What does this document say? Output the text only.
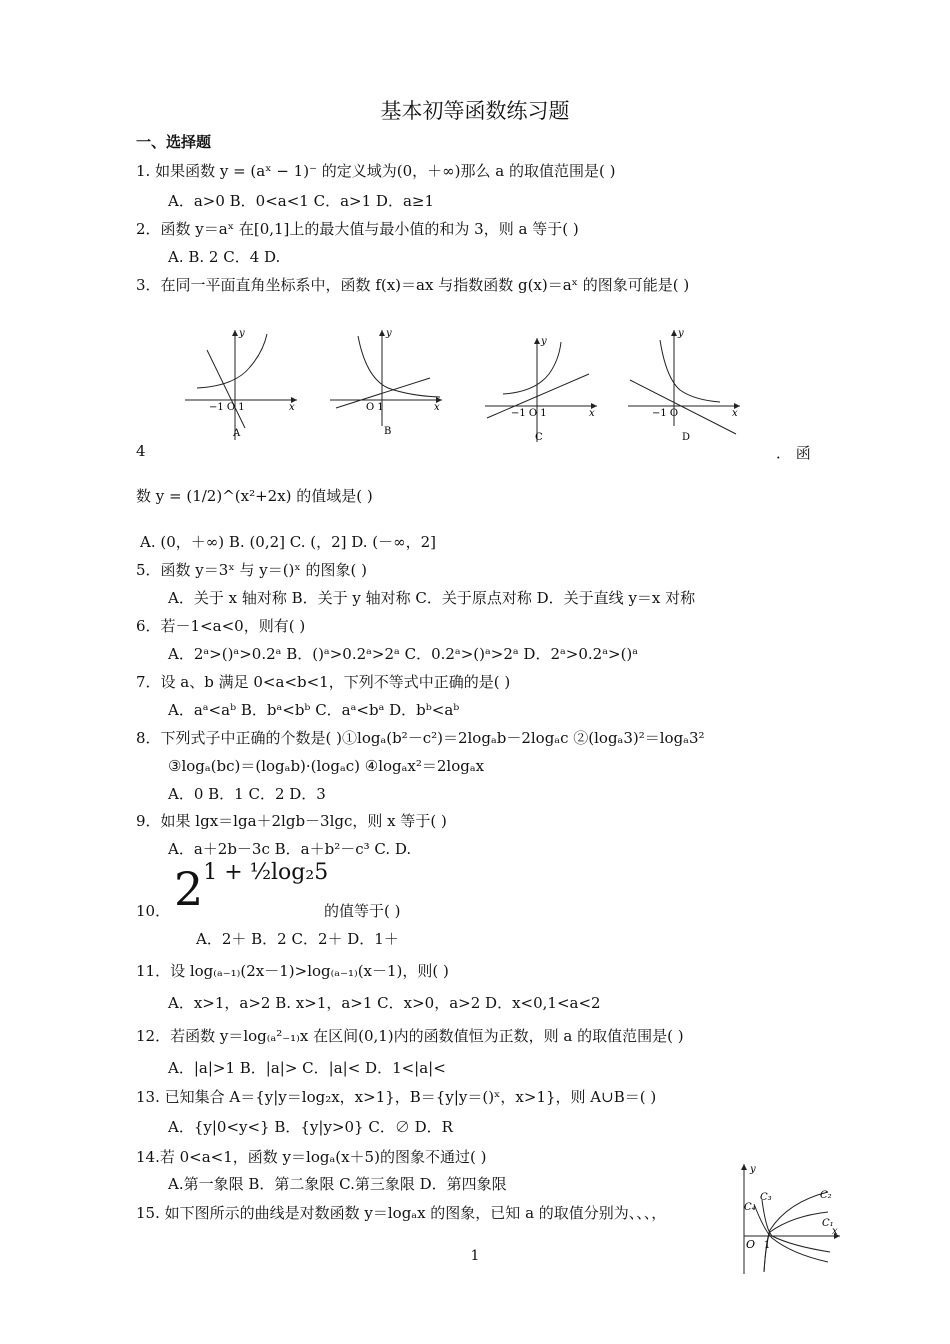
基本初等函数练习题
一、选择题
1. 如果函数 y = (aˣ − 1)⁻ 的定义域为(0，＋∞)那么 a 的取值范围是( )
A．a>0 B．0<a<1 C．a>1 D．a≥1
2．函数 y＝aˣ 在[0,1]上的最大值与最小值的和为 3，则 a 等于( )
A. B. 2 C．4 D.
3．在同一平面直角坐标系中，函数 f(x)＝ax 与指数函数 g(x)＝aˣ 的图象可能是( )
y
x
−1 O 1
A
y
x
O 1
B
y
x
−1 O 1
C
y
x
−1 O
D
4	． 函
数 y = (1/2)^(x²+2x) 的值域是( )
A. (0，＋∞) B. (0,2] C. (，2] D. (－∞，2]
5．函数 y＝3ˣ 与 y＝()ˣ 的图象( )
A．关于 x 轴对称 B．关于 y 轴对称 C．关于原点对称 D．关于直线 y＝x 对称
6．若－1<a<0，则有( )
A．2ᵃ>()ᵃ>0.2ᵃ B．()ᵃ>0.2ᵃ>2ᵃ C．0.2ᵃ>()ᵃ>2ᵃ D．2ᵃ>0.2ᵃ>()ᵃ
7．设 a、b 满足 0<a<b<1，下列不等式中正确的是( )
A．aᵃ<aᵇ B．bᵃ<bᵇ C．aᵃ<bᵃ D．bᵇ<aᵇ
8．下列式子中正确的个数是( )①logₐ(b²－c²)＝2logₐb－2logₐc ②(logₐ3)²＝logₐ3²
③logₐ(bc)＝(logₐb)·(logₐc) ④logₐx²＝2logₐx
A．0 B．1 C．2 D．3
9．如果 lgx＝lga＋2lgb－3lgc，则 x 等于( )
A．a＋2b－3c B．a＋b²－c³ C. D.
10． 21 + ½log₂5
的值等于( )
A．2＋ B．2 C．2＋ D．1＋
11．设 log₍ₐ₋₁₎(2x－1)>log₍ₐ₋₁₎(x－1)，则( )
A．x>1，a>2 B. x>1，a>1 C．x>0，a>2 D．x<0,1<a<2
12．若函数 y＝log₍ₐ²₋₁₎x 在区间(0,1)内的函数值恒为正数，则 a 的取值范围是( )
A．|a|>1 B．|a|> C．|a|< D．1<|a|<
13. 已知集合 A＝{y|y＝log₂x，x>1}，B＝{y|y＝()ˣ，x>1}，则 A∪B＝( )
A．{y|0<y<} B．{y|y>0} C．∅ D．R
14.若 0<a<1，函数 y＝logₐ(x＋5)的图象不通过( )
A.第一象限 B．第二象限 C.第三象限 D．第四象限
15. 如下图所示的曲线是对数函数 y＝logₐx 的图象，已知 a 的取值分别为、、、，
y
x
O 1
C₁
C₂
C₃
C₄
1
